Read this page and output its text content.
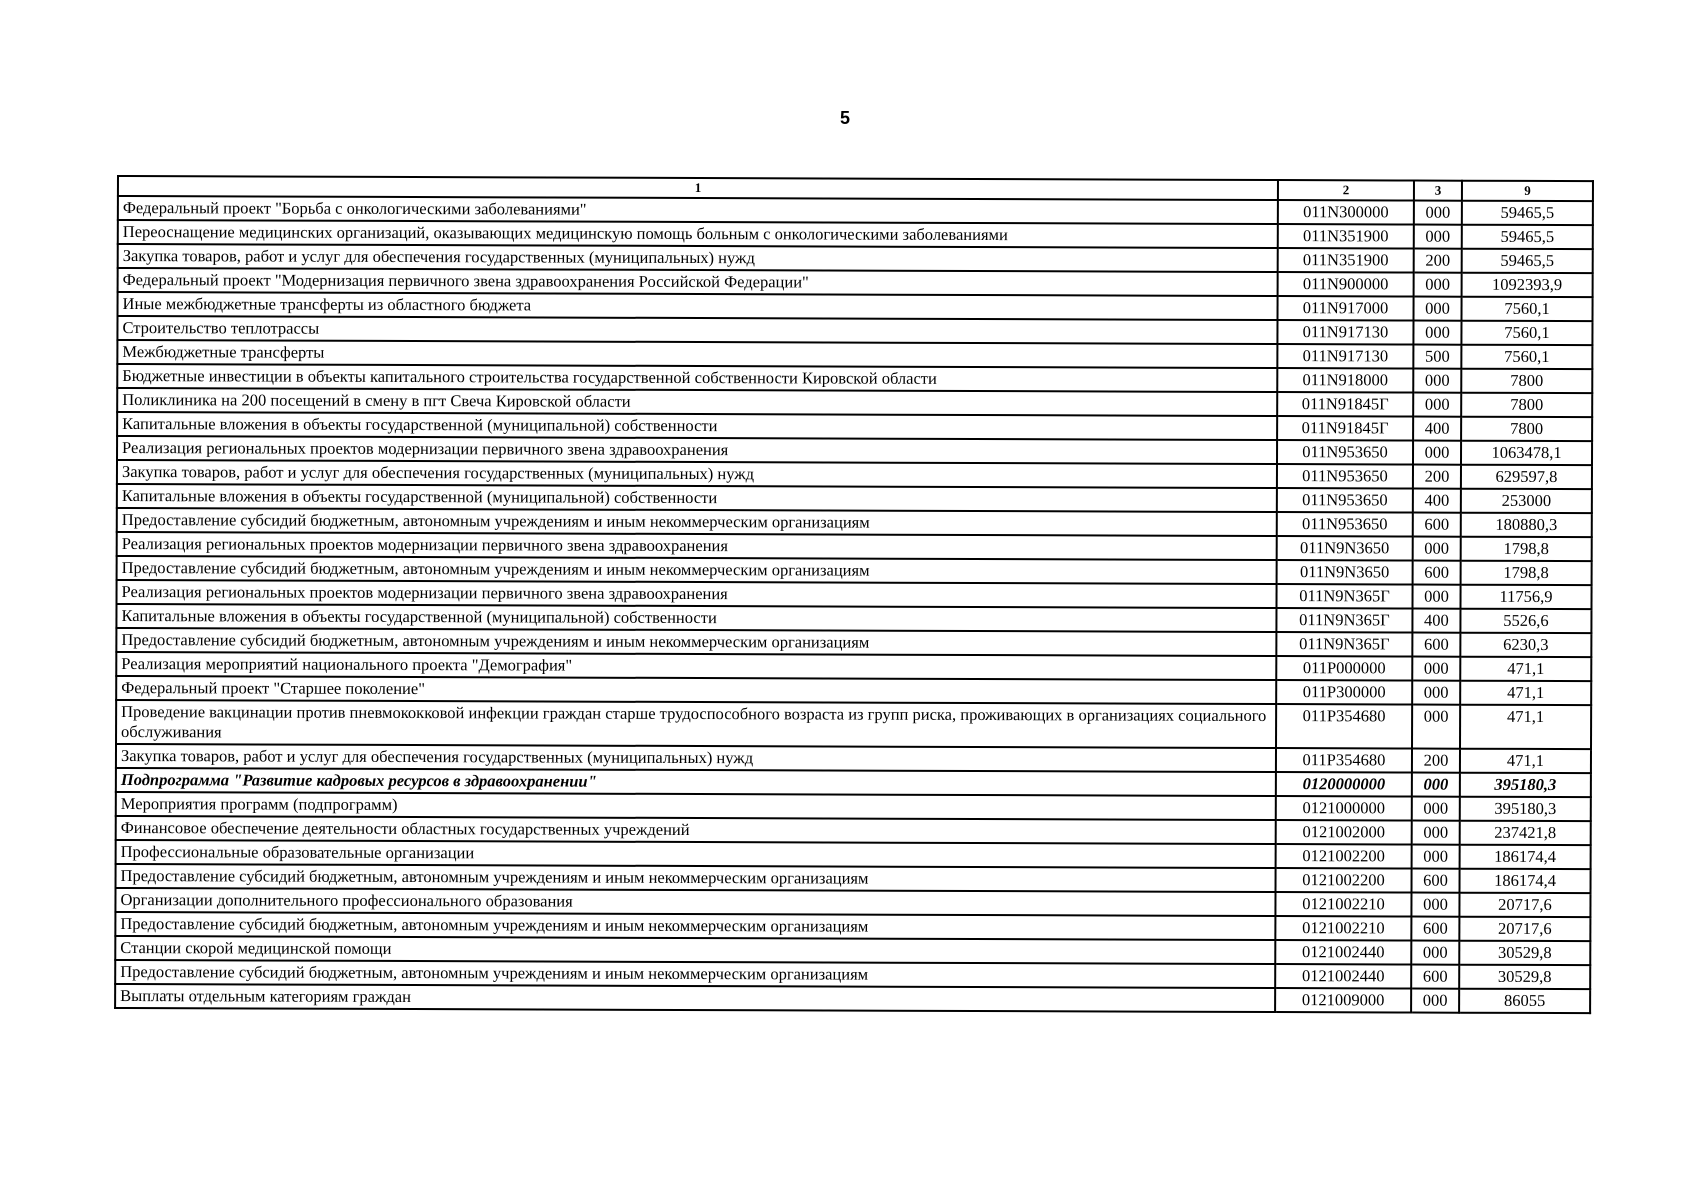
5
1	2	3	9
Федеральный проект "Борьба с онкологическими заболеваниями"	011N300000	000	59465,5
Переоснащение медицинских организаций, оказывающих медицинскую помощь больным с онкологическими заболеваниями	011N351900	000	59465,5
Закупка товаров, работ и услуг для обеспечения государственных (муниципальных) нужд	011N351900	200	59465,5
Федеральный проект "Модернизация первичного звена здравоохранения Российской Федерации"	011N900000	000	1092393,9
Иные межбюджетные трансферты из областного бюджета	011N917000	000	7560,1
Строительство теплотрассы	011N917130	000	7560,1
Межбюджетные трансферты	011N917130	500	7560,1
Бюджетные инвестиции в объекты капитального строительства государственной собственности Кировской области	011N918000	000	7800
Поликлиника на 200 посещений в смену в пгт Свеча Кировской области	011N91845Г	000	7800
Капитальные вложения в объекты государственной (муниципальной) собственности	011N91845Г	400	7800
Реализация региональных проектов модернизации первичного звена здравоохранения	011N953650	000	1063478,1
Закупка товаров, работ и услуг для обеспечения государственных (муниципальных) нужд	011N953650	200	629597,8
Капитальные вложения в объекты государственной (муниципальной) собственности	011N953650	400	253000
Предоставление субсидий бюджетным, автономным учреждениям и иным некоммерческим организациям	011N953650	600	180880,3
Реализация региональных проектов модернизации первичного звена здравоохранения	011N9N3650	000	1798,8
Предоставление субсидий бюджетным, автономным учреждениям и иным некоммерческим организациям	011N9N3650	600	1798,8
Реализация региональных проектов модернизации первичного звена здравоохранения	011N9N365Г	000	11756,9
Капитальные вложения в объекты государственной (муниципальной) собственности	011N9N365Г	400	5526,6
Предоставление субсидий бюджетным, автономным учреждениям и иным некоммерческим организациям	011N9N365Г	600	6230,3
Реализация мероприятий национального проекта "Демография"	011P000000	000	471,1
Федеральный проект "Старшее поколение"	011P300000	000	471,1
Проведение вакцинации против пневмококковой инфекции граждан старше трудоспособного возраста из групп риска, проживающих в организациях социального обслуживания	011P354680	000	471,1
Закупка товаров, работ и услуг для обеспечения государственных (муниципальных) нужд	011P354680	200	471,1
Подпрограмма "Развитие кадровых ресурсов в здравоохранении"	0120000000	000	395180,3
Мероприятия программ (подпрограмм)	0121000000	000	395180,3
Финансовое обеспечение деятельности областных государственных учреждений	0121002000	000	237421,8
Профессиональные образовательные организации	0121002200	000	186174,4
Предоставление субсидий бюджетным, автономным учреждениям и иным некоммерческим организациям	0121002200	600	186174,4
Организации дополнительного профессионального образования	0121002210	000	20717,6
Предоставление субсидий бюджетным, автономным учреждениям и иным некоммерческим организациям	0121002210	600	20717,6
Станции скорой медицинской помощи	0121002440	000	30529,8
Предоставление субсидий бюджетным, автономным учреждениям и иным некоммерческим организациям	0121002440	600	30529,8
Выплаты отдельным категориям граждан	0121009000	000	86055
